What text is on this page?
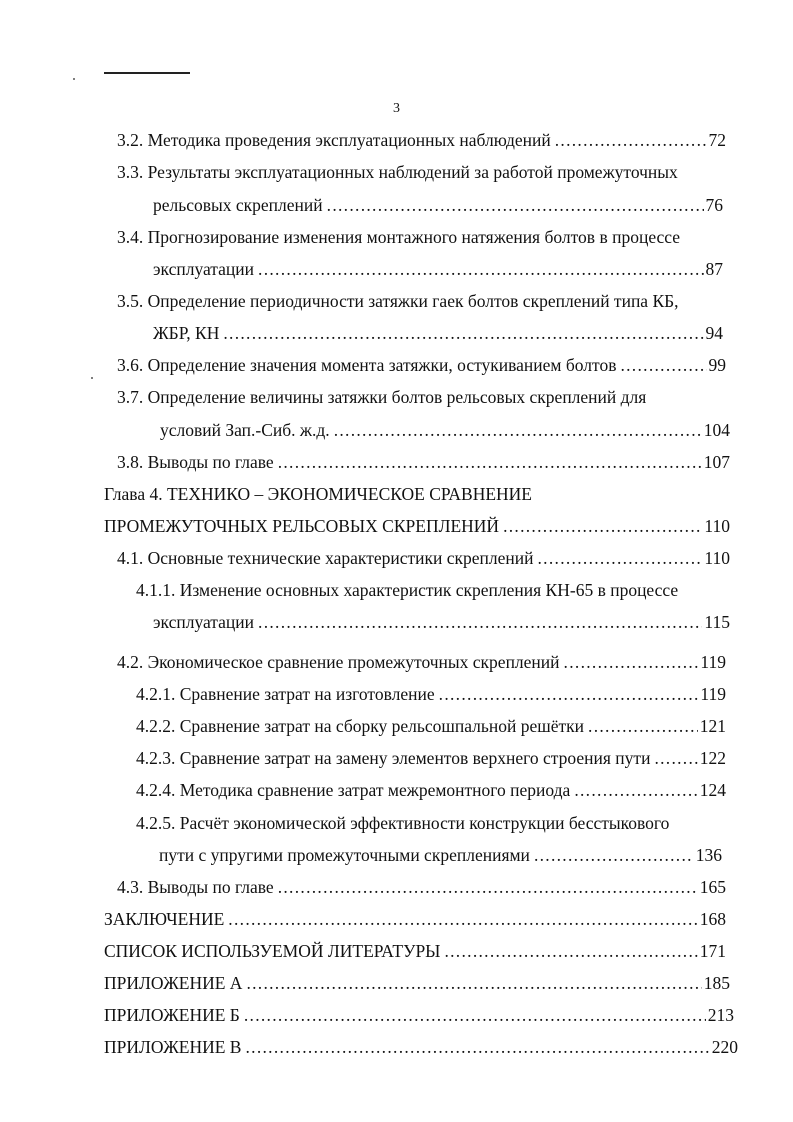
3
3.2. Методика проведения эксплуатационных наблюдений .....	72
3.3. Результаты эксплуатационных наблюдений за работой промежуточных
рельсовых скреплений .....	76
3.4. Прогнозирование изменения монтажного натяжения болтов в процессе
эксплуатации .....	87
3.5. Определение периодичности затяжки гаек болтов скреплений типа КБ,
ЖБР, КН .....	94
3.6. Определение значения момента затяжки, остукиванием болтов .....	99
3.7. Определение величины затяжки болтов рельсовых скреплений для
условий Зап.-Сиб. ж.д. .....	104
3.8. Выводы по главе .....	107
Глава 4. ТЕХНИКО – ЭКОНОМИЧЕСКОЕ СРАВНЕНИЕ
ПРОМЕЖУТОЧНЫХ РЕЛЬСОВЫХ СКРЕПЛЕНИЙ .....	110
4.1. Основные технические характеристики скреплений .....	110
4.1.1. Изменение основных характеристик скрепления КН-65 в процессе
эксплуатации .....	115
4.2. Экономическое сравнение промежуточных скреплений .....	119
4.2.1. Сравнение затрат на изготовление .....	119
4.2.2. Сравнение затрат на сборку рельсошпальной решётки .....	121
4.2.3. Сравнение затрат на замену элементов верхнего строения пути .....	122
4.2.4. Методика сравнение затрат межремонтного периода .....	124
4.2.5. Расчёт экономической эффективности конструкции бесстыкового
пути с упругими промежуточными скреплениями .....	136
4.3. Выводы по главе .....	165
ЗАКЛЮЧЕНИЕ .....	168
СПИСОК ИСПОЛЬЗУЕМОЙ ЛИТЕРАТУРЫ .....	171
ПРИЛОЖЕНИЕ А .....	185
ПРИЛОЖЕНИЕ Б .....	213
ПРИЛОЖЕНИЕ В .....	220
